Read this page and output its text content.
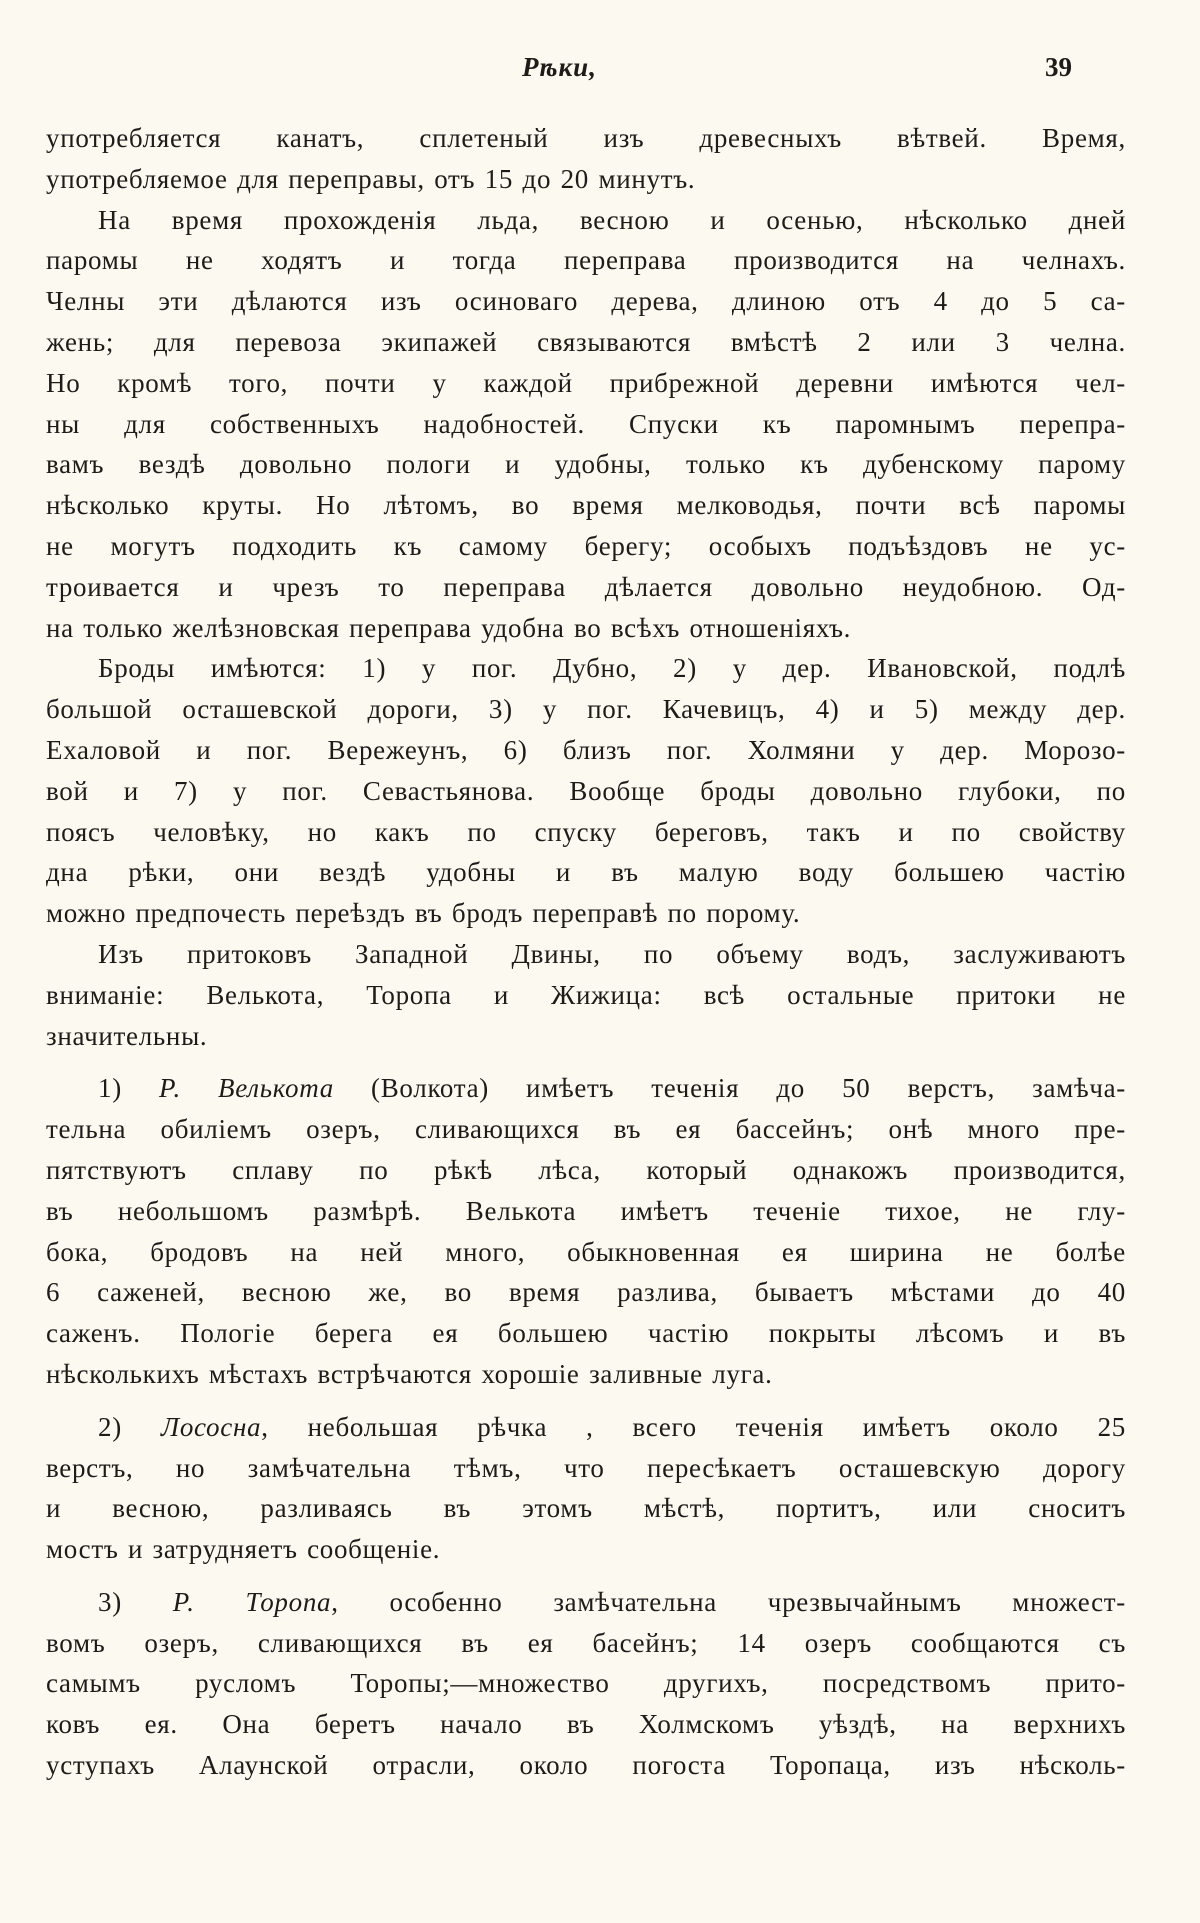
Рѣки,	39
употребляется канатъ, сплетеный изъ древесныхъ вѣтвей. Время,
употребляемое для переправы, отъ 15 до 20 минутъ.
На время прохожденія льда, весною и осенью, нѣсколько дней
паромы не ходятъ и тогда переправа производится на челнахъ.
Челны эти дѣлаются изъ осиноваго дерева, длиною отъ 4 до 5 са-
жень; для перевоза экипажей связываются вмѣстѣ 2 или 3 челна.
Но кромѣ того, почти у каждой прибрежной деревни имѣются чел-
ны для собственныхъ надобностей. Спуски къ паромнымъ перепра-
вамъ вездѣ довольно пологи и удобны, только къ дубенскому парому
нѣсколько круты. Но лѣтомъ, во время мелководья, почти всѣ паромы
не могутъ подходить къ самому берегу; особыхъ подъѣздовъ не ус-
троивается и чрезъ то переправа дѣлается довольно неудобною. Од-
на только желѣзновская переправа удобна во всѣхъ отношеніяхъ.
Броды имѣются: 1) у пог. Дубно, 2) у дер. Ивановской, подлѣ
большой осташевской дороги, 3) у пог. Качевицъ, 4) и 5) между дер.
Ехаловой и пог. Вережеунъ, 6) близъ пог. Холмяни у дер. Морозо-
вой и 7) у пог. Севастьянова. Вообще броды довольно глубоки, по
поясъ человѣку, но какъ по спуску береговъ, такъ и по свойству
дна рѣки, они вездѣ удобны и въ малую воду большею частію
можно предпочесть переѣздъ въ бродъ переправѣ по порому.
Изъ притоковъ Западной Двины, по объему водъ, заслуживаютъ
вниманіе: Велькота, Торопа и Жижица: всѣ остальные притоки не
значительны.
1) Р. Велькота (Волкота) имѣетъ теченія до 50 верстъ, замѣча-
тельна обиліемъ озеръ, сливающихся въ ея бассейнъ; онѣ много пре-
пятствуютъ сплаву по рѣкѣ лѣса, который однакожъ производится,
въ небольшомъ размѣрѣ. Велькота имѣетъ теченіе тихое, не глу-
бока, бродовъ на ней много, обыкновенная ея ширина не болѣе
6 саженей, весною же, во время разлива, бываетъ мѣстами до 40
саженъ. Пологіе берега ея большею частію покрыты лѣсомъ и въ
нѣсколькихъ мѣстахъ встрѣчаются хорошіе заливные луга.
2) Лососна, небольшая рѣчка , всего теченія имѣетъ около 25
верстъ, но замѣчательна тѣмъ, что пересѣкаетъ осташевскую дорогу
и весною, разливаясь въ этомъ мѣстѣ, портитъ, или сноситъ
мостъ и затрудняетъ сообщеніе.
3) Р. Торопа, особенно замѣчательна чрезвычайнымъ множест-
вомъ озеръ, сливающихся въ ея басейнъ; 14 озеръ сообщаются съ
самымъ русломъ Торопы;—множество другихъ, посредствомъ прито-
ковъ ея. Она беретъ начало въ Холмскомъ уѣздѣ, на верхнихъ
уступахъ Алаунской отрасли, около погоста Торопаца, изъ нѣсколь-
